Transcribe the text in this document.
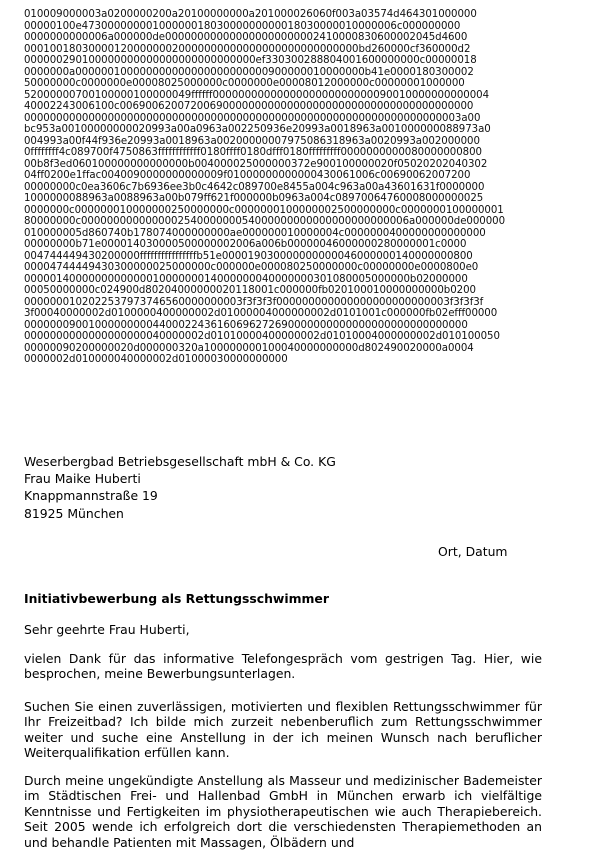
010009000003a0200000200a20100000000a201000026060f003a03574d464301000000
00000100e4730000000010000001803000000000018030000010000006c000000000
0000000000006a000000de000000000000000000000002410000830600002045d4600
0001001803000012000000020000000000000000000000000000bd260000cf360000d2
000000290100000000000000000000000000ef330300288804001600000000c00000018
0000000a000000100000000000000000000000900000010000000b41e0000180300002
50000000c0000000e00008025000000c0000000e00008012000000c00000001000000
52000000700100000100000049ffffff0000000000000000000000000090010000000000004
40002243006100c0069006200720069000000000000000000000000000000000000000
00000000000000000000000000000000000000000000000000000000000000000003a00
bc953a00100000000020993a00a0963a002250936e20993a0018963a001000000088973a0
004993a00f44f936e20993a0018963a00200000007975086318963a0020993a002000000
0ffffffff4c089700f4750863ffffffffffff0180ffff0180dfff0180fffffffff0000000000080000000800
00b8f3ed060100000000000000b004000025000000372e900100000020f05020202040302
04ff0200e1ffac0040090000000000009f01000000000000430061006c00690062007200
00000000c0ea3606c7b6936ee3b0c4642c089700e8455a004c963a00a43601631f0000000
1000000088963a0088963a00b079ff621f000000b0963a004c08970064760008000000025
0000000c000000010000000250000000c0000000100000002500000000c0000000100000001
80000000c000000000000000254000000054000000000000000000000006a000000de000000
010000005d860740b178074000000000ae000000010000004c0000000400000000000000
00000000b71e000014030000500000002006a006b00000046000000280000001c0000
004744449430200000ffffffffffffffffb51e000019030000000000046000000140000000800
00004744449430300000025000000c000000e000080250000000c00000000e0000800e0
000001400000000000001000000014000000040000000301080005000000b02000000
00050000000c024900d80204000000020118001c000000fb020100010000000000b0200
0000000102022537973746560000000003f3f3f3f000000000000000000000000003f3f3f3f
3f00040000002d0100000400000002d01000004000000002d0101001c000000fb02efff00000
000000090010000000004400022436160696272690000000000000000000000000000
0000000000000000000040000002d01010000400000002d01010004000000002d010100050
00000090200000020d000000320a100000000100040000000000d802490020000a0004
0000002d010000040000002d01000030000000000
Weserbergbad Betriebsgesellschaft mbH & Co. KG
Frau Maike Huberti
Knappmannstraße 19
81925 München
Ort, Datum
Initiativbewerbung als Rettungsschwimmer
Sehr geehrte Frau Huberti,
vielen Dank für das informative Telefongespräch vom gestrigen Tag. Hier, wie besprochen, meine Bewerbungsunterlagen.
Suchen Sie einen zuverlässigen, motivierten und flexiblen Rettungsschwimmer für Ihr Freizeitbad? Ich bilde mich zurzeit nebenberuflich zum Rettungsschwimmer weiter und suche eine Anstellung in der ich meinen Wunsch nach beruflicher Weiterqualifikation erfüllen kann.
Durch meine ungekündigte Anstellung als Masseur und medizinischer Bademeister im Städtischen Frei- und Hallenbad GmbH in München erwarb ich vielfältige Kenntnisse und Fertigkeiten im physiotherapeutischen wie auch Therapiebereich. Seit 2005 wende ich erfolgreich dort die verschiedensten Therapiemethoden an und behandle Patienten mit Massagen, Ölbädern und
